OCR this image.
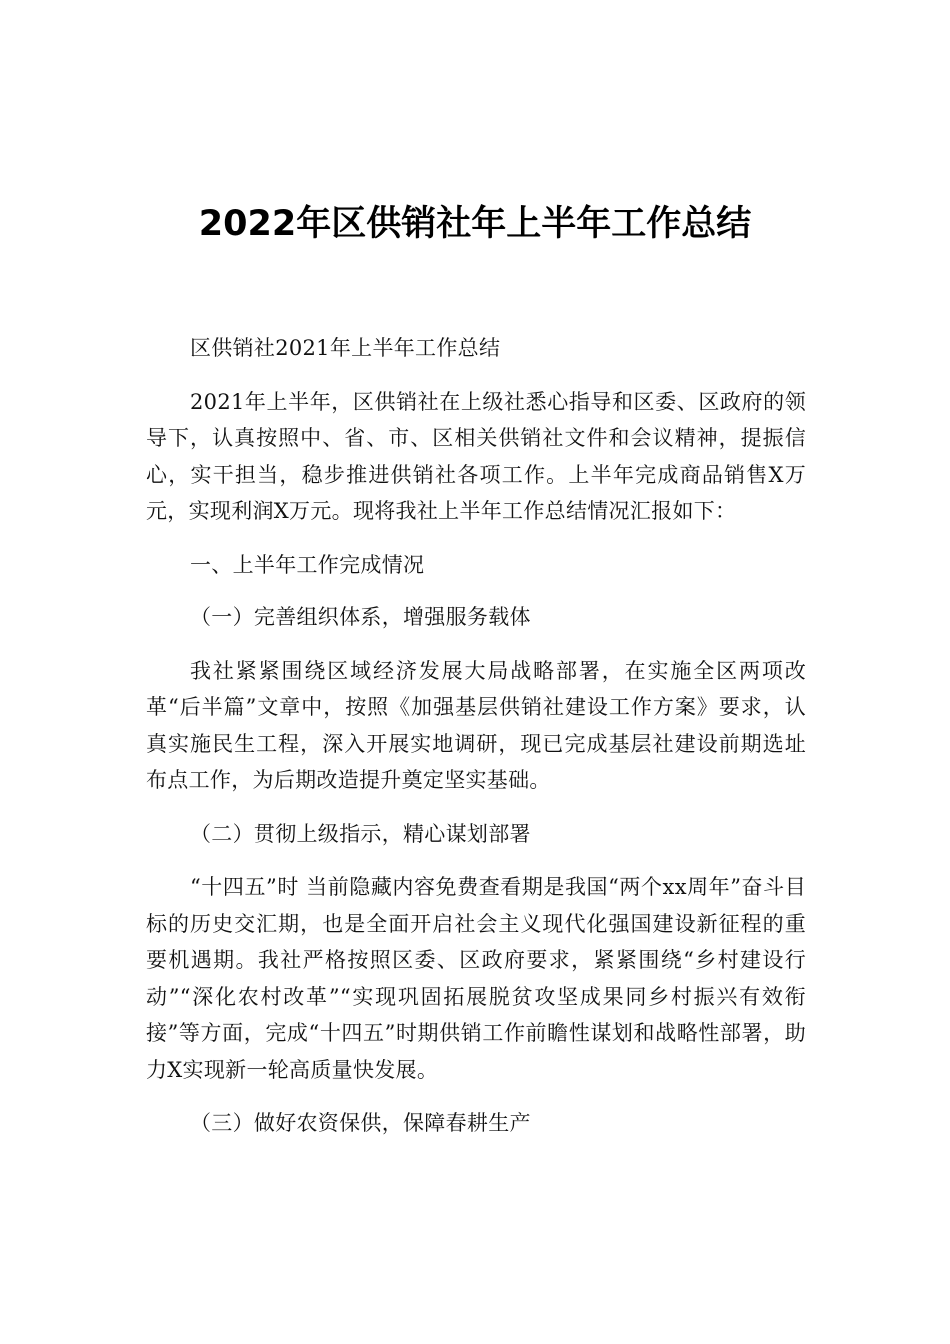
2022年区供销社年上半年工作总结

区供销社2021年上半年工作总结

2021年上半年，区供销社在上级社悉心指导和区委、区政府的领导下，认真按照中、省、市、区相关供销社文件和会议精神，提振信心，实干担当，稳步推进供销社各项工作。上半年完成商品销售X万元，实现利润X万元。现将我社上半年工作总结情况汇报如下：

一、上半年工作完成情况

（一）完善组织体系，增强服务载体

我社紧紧围绕区域经济发展大局战略部署，在实施全区两项改革“后半篇”文章中，按照《加强基层供销社建设工作方案》要求，认真实施民生工程，深入开展实地调研，现已完成基层社建设前期选址布点工作，为后期改造提升奠定坚实基础。

（二）贯彻上级指示，精心谋划部署

“十四五”时 当前隐藏内容免费查看期是我国“两个xx周年”奋斗目标的历史交汇期，也是全面开启社会主义现代化强国建设新征程的重要机遇期。我社严格按照区委、区政府要求，紧紧围绕“乡村建设行动”“深化农村改革”“实现巩固拓展脱贫攻坚成果同乡村振兴有效衔接”等方面，完成“十四五”时期供销工作前瞻性谋划和战略性部署，助力X实现新一轮高质量快发展。

（三）做好农资保供，保障春耕生产
